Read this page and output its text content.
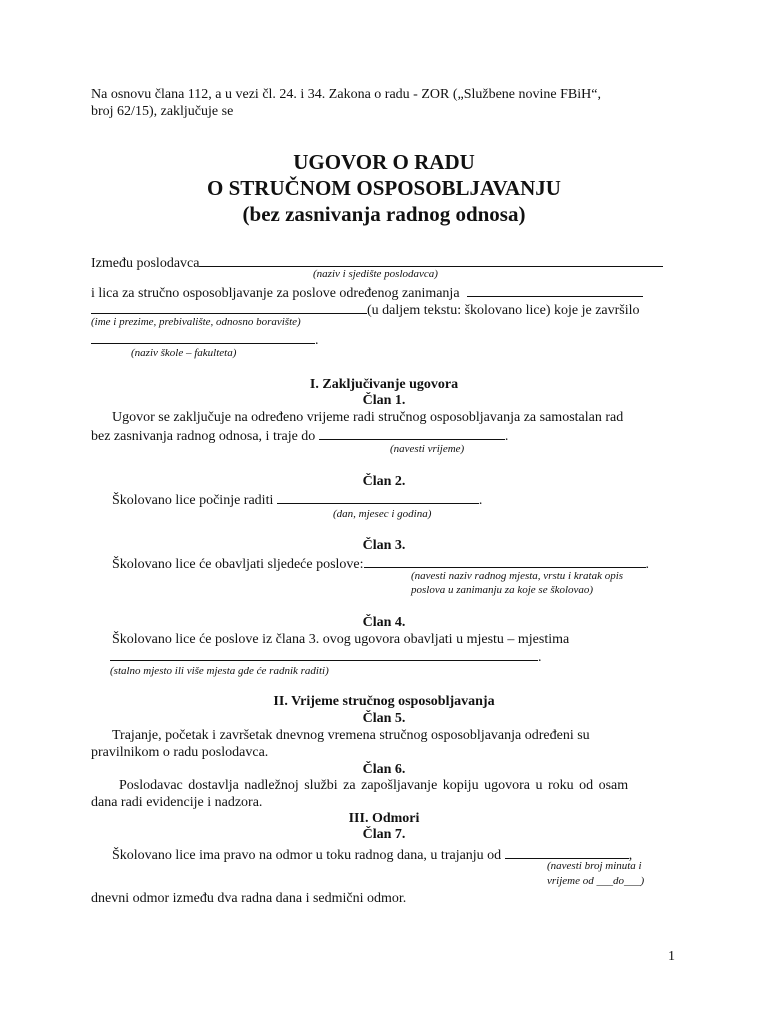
Na osnovu člana 112, a u vezi čl. 24. i 34. Zakona o radu - ZOR („Službene novine FBiH“,
broj 62/15), zaključuje se
UGOVOR O RADU
O STRUČNOM OSPOSOBLJAVANJU
(bez zasnivanja radnog odnosa)
Između poslodavca
(naziv i sjedište poslodavca)
i lica za stručno osposobljavanje za poslove određenog zanimanja
(u daljem tekstu: školovano lice) koje je završilo
(ime i prezime, prebivalište, odnosno boravište)
.
(naziv škole – fakulteta)
I. Zaključivanje ugovora
Član 1.
Ugovor se zaključuje na određeno vrijeme radi stručnog osposobljavanja za samostalan rad
bez zasnivanja radnog odnosa, i traje do	.
(navesti vrijeme)
Član 2.
Školovano lice počinje raditi	.
(dan, mjesec i godina)
Član 3.
Školovano lice će obavljati sljedeće poslove:	.
(navesti naziv radnog mjesta, vrstu i kratak opis
poslova u zanimanju za koje se školovao)
Član 4.
Školovano lice će poslove iz člana 3. ovog ugovora obavljati u mjestu – mjestima
.
(stalno mjesto ili više mjesta gde će radnik raditi)
II. Vrijeme stručnog osposobljavanja
Član 5.
Trajanje, početak i završetak dnevnog vremena stručnog osposobljavanja određeni su
pravilnikom o radu poslodavca.
Član 6.
Poslodavac dostavlja nadležnoj službi za zapošljavanje kopiju ugovora u roku od osam
dana radi evidencije i nadzora.
III. Odmori
Član 7.
Školovano lice ima pravo na odmor u toku radnog dana, u trajanju od	,
(navesti broj minuta i
vrijeme od ___do___)
dnevni odmor između dva radna dana i sedmični odmor.
1
